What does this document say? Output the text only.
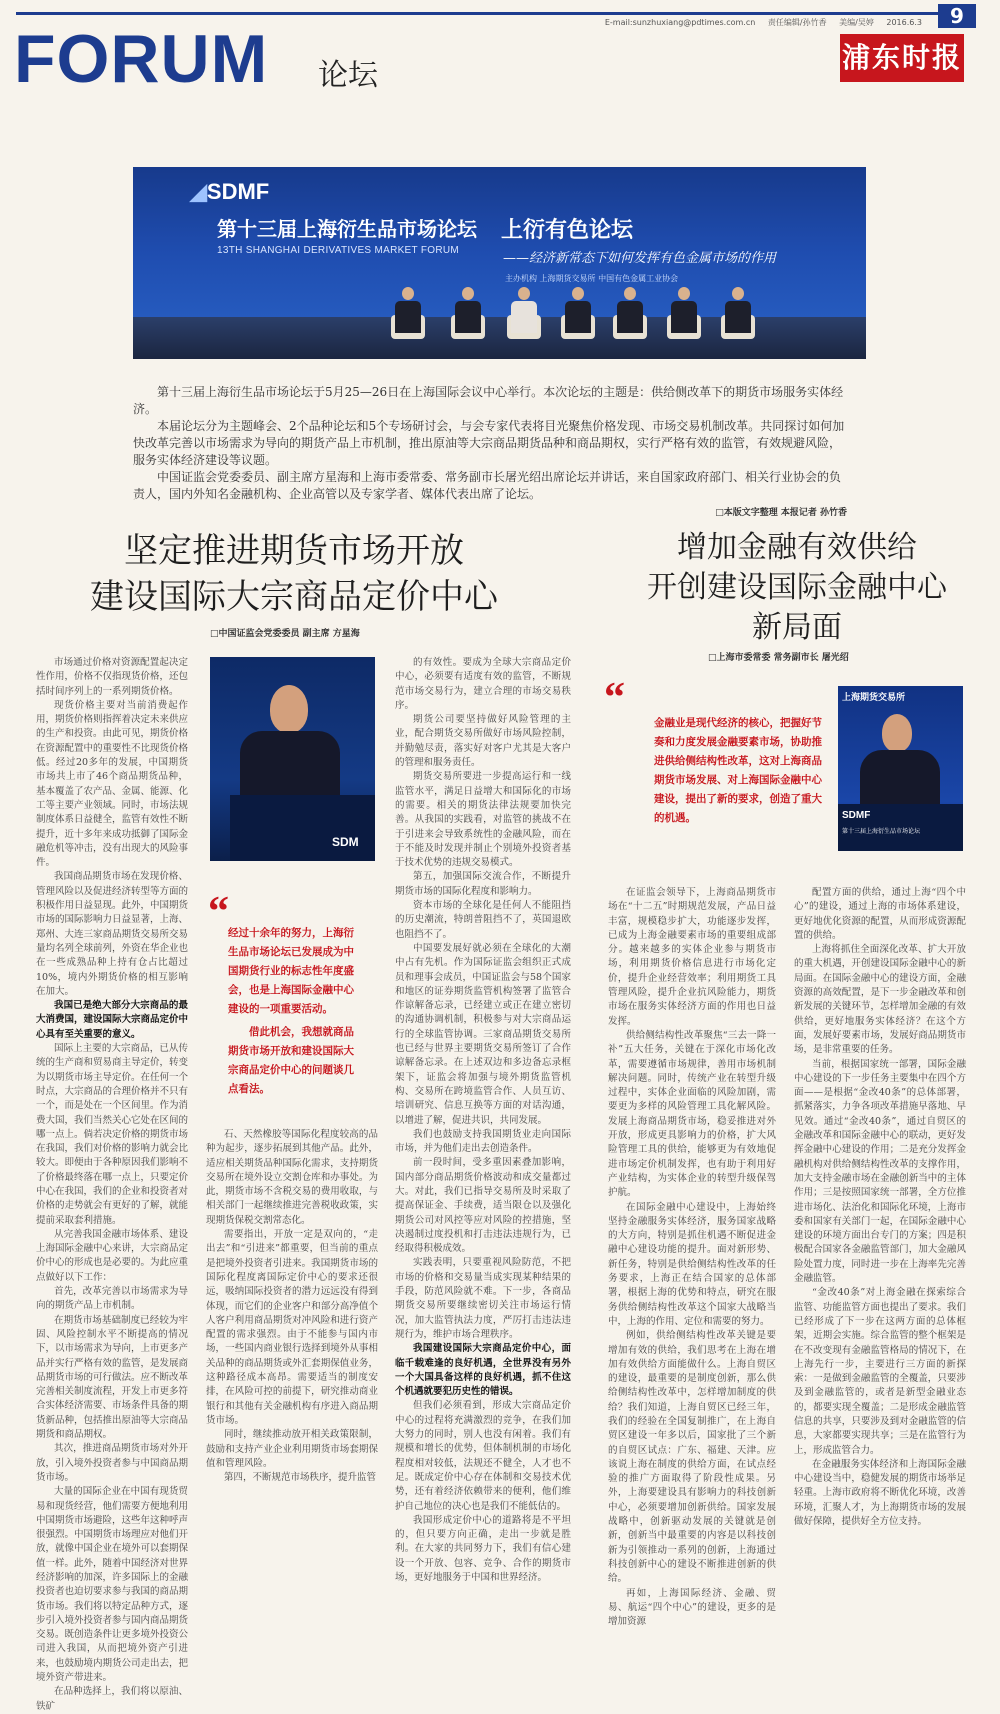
E-mail:sunzhuxiang@pdtimes.com.cn 责任编辑/孙竹香 美编/吴婷 2016.6.3	9
FORUM 论坛
浦东时报
◢SDMF
第十三届上海衍生品市场论坛
13TH SHANGHAI DERIVATIVES MARKET FORUM
上衍有色论坛
——经济新常态下如何发挥有色金属市场的作用
主办机构 上海期货交易所 中国有色金属工业协会

第十三届上海衍生品市场论坛于5月25—26日在上海国际会议中心举行。本次论坛的主题是：供给侧改革下的期货市场服务实体经济。

本届论坛分为主题峰会、2个品种论坛和5个专场研讨会，与会专家代表将目光聚焦价格发现、市场交易机制改革。共同探讨如何加快改革完善以市场需求为导向的期货产品上市机制，推出原油等大宗商品期货品种和商品期权，实行严格有效的监管，有效规避风险，服务实体经济建设等议题。

中国证监会党委委员、副主席方星海和上海市委常委、常务副市长屠光绍出席论坛并讲话，来自国家政府部门、相关行业协会的负责人，国内外知名金融机构、企业高管以及专家学者、媒体代表出席了论坛。

□本版文字整理 本报记者 孙竹香
坚定推进期货市场开放
建设国际大宗商品定价中心
□中国证监会党委委员 副主席 方星海

市场通过价格对资源配置起决定性作用，价格不仅指现货价格，还包括时间序列上的一系列期货价格。

现货价格主要对当前消费起作用，期货价格则指挥着决定未来供应的生产和投资。由此可见，期货价格在资源配置中的重要性不比现货价格低。经过20多年的发展，中国期货市场共上市了46个商品期货品种，基本覆盖了农产品、金属、能源、化工等主要产业领域。同时，市场法规制度体系日益健全，监管有效性不断提升，近十多年来成功抵御了国际金融危机等冲击，没有出现大的风险事件。

我国商品期货市场在发现价格、管理风险以及促进经济转型等方面的积极作用日益显现。此外，中国期货市场的国际影响力日益显著，上海、郑州、大连三家商品期货交易所交易量均名列全球前列，外资在华企业也在一些成熟品种上持有仓占比超过10%，境内外期货价格的相互影响在加大。

我国已是绝大部分大宗商品的最大消费国，建设国际大宗商品定价中心具有至关重要的意义。

国际上主要的大宗商品，已从传统的生产商和贸易商主导定价，转变为以期货市场主导定价。在任何一个时点，大宗商品的合理价格并不只有一个，而是处在一个区间里。作为消费大国，我们当然关心它处在区间的哪一点上。倘若决定价格的期货市场在我国，我们对价格的影响力就会比较大。即便由于各种原因我们影响不了价格最终落在哪一点上，只要定价中心在我国，我们的企业和投资者对价格的走势就会有更好的了解，就能提前采取套利措施。

从完善我国金融市场体系、建设上海国际金融中心来讲，大宗商品定价中心的形成也是必要的。为此应重点做好以下工作：

首先，改革完善以市场需求为导向的期货产品上市机制。

在期货市场基础制度已经较为牢固、风险控制水平不断提高的情况下，以市场需求为导向，上市更多产品并实行严格有效的监管，是发展商品期货市场的可行做法。应不断改革完善相关制度流程，开发上市更多符合实体经济需要、市场条件具备的期货新品种，包括推出原油等大宗商品期货和商品期权。

其次，推进商品期货市场对外开放，引入境外投资者参与中国商品期货市场。

大量的国际企业在中国有现货贸易和现货经营，他们需要方便地利用中国期货市场避险，这些年这种呼声很强烈。中国期货市场理应对他们开放，就像中国企业在境外可以套期保值一样。此外，随着中国经济对世界经济影响的加深，许多国际上的金融投资者也迫切要求参与我国的商品期货市场。我们将以特定品种方式，逐步引入境外投资者参与国内商品期货交易。既创造条件让更多境外投资公司进入我国，从而把境外资产引进来，也鼓励境内期货公司走出去，把境外资产带进来。

在品种选择上，我们将以原油、铁矿

SDM
“ 经过十余年的努力，上海衍生品市场论坛已发展成为中国期货行业的标志性年度盛会，也是上海国际金融中心建设的一项重要活动。
借此机会，我想就商品期货市场开放和建设国际大宗商品定价中心的问题谈几点看法。

石、天然橡胶等国际化程度较高的品种为起步，逐步拓展到其他产品。此外，适应相关期货品种国际化需求，支持期货交易所在境外设立交割仓库和办事处。为此，期货市场不含税交易的费用收取，与相关部门一起继续推进完善税收政策，实现期货保税交割常态化。

需要指出，开放一定是双向的，“走出去”和“引进来”都重要，但当前的重点是把境外投资者引进来。我国期货市场的国际化程度离国际定价中心的要求还很远，吸纳国际投资者的潜力远远没有得到体现，而它们的企业客户和部分高净值个人客户利用商品期货对冲风险和进行资产配置的需求强烈。由于不能参与国内市场，一些国内商业银行选择到境外从事相关品种的商品期货或外汇套期保值业务，这种路径成本高昂。需要适当的制度安排，在风险可控的前提下，研究推动商业银行和其他有关金融机构有序进入商品期货市场。

同时，继续推动放开相关政策限制，鼓励和支持产业企业利用期货市场套期保值和管理风险。

第四，不断规范市场秩序，提升监管

的有效性。要成为全球大宗商品定价中心，必须要有适度有效的监管，不断规范市场交易行为，建立合理的市场交易秩序。

期货公司要坚持做好风险管理的主业，配合期货交易所做好市场风险控制，并勤勉尽责，落实好对客户尤其是大客户的管理和服务责任。

期货交易所要进一步提高运行和一线监管水平，满足日益增大和国际化的市场的需要。相关的期货法律法规要加快完善。从我国的实践看，对监管的挑战不在于引进来会导致系统性的金融风险，而在于不能及时发现并制止个别境外投资者基于技术优势的违规交易模式。

第五，加强国际交流合作，不断提升期货市场的国际化程度和影响力。

资本市场的全球化是任何人不能阻挡的历史潮流，特朗普阻挡不了，英国退欧也阻挡不了。

中国要发展好就必须在全球化的大潮中占有先机。作为国际证监会组织正式成员和理事会成员，中国证监会与58个国家和地区的证券期货监管机构签署了监管合作谅解备忘录，已经建立或正在建立密切的沟通协调机制，积极参与对大宗商品运行的全球监管协调。三家商品期货交易所也已经与世界主要期货交易所签订了合作谅解备忘录。在上述双边和多边备忘录框架下，证监会将加强与境外期货监管机构、交易所在跨境监管合作、人员互访、培训研究、信息互换等方面的对话沟通，以增进了解，促进共识，共同发展。

我们也鼓励支持我国期货业走向国际市场，并为他们走出去创造条件。

前一段时间，受多重因素叠加影响，国内部分商品期货价格波动和成交量都过大。对此，我们已指导交易所及时采取了提高保证金、手续费，适当限仓以及强化期货公司对风控等应对风险的控措施，坚决遏制过度投机和打击违法违规行为，已经取得积极成效。

实践表明，只要重视风险防范，不把市场的价格和交易量当成实现某种结果的手段，防范风险就不难。下一步，各商品期货交易所要继续密切关注市场运行情况，加大监管执法力度，严厉打击违法违规行为，维护市场合理秩序。

我国建设国际大宗商品定价中心，面临千载难逢的良好机遇，全世界没有另外一个大国具备这样的良好机遇，抓不住这个机遇就要犯历史性的错误。

但我们必须看到，形成大宗商品定价中心的过程将充满激烈的竞争，在我们加大努力的同时，别人也没有闲着。我们有规模和增长的优势，但体制机制的市场化程度相对较低，法规还不健全，人才也不足。既成定价中心存在体制和交易技术优势，还有着经济依赖带来的便利，他们维护自己地位的决心也是我们不能低估的。

我国形成定价中心的道路将是不平坦的，但只要方向正确，走出一步就是胜利。在大家的共同努力下，我们有信心建设一个开放、包容、竞争、合作的期货市场，更好地服务于中国和世界经济。

增加金融有效供给
开创建设国际金融中心
新局面
□上海市委常委 常务副市长 屠光绍
“
金融业是现代经济的核心，把握好节奏和力度发展金融要素市场，协助推进供给侧结构性改革，这对上海商品期货市场发展、对上海国际金融中心建设，提出了新的要求，创造了重大的机遇。
上海期货交易所
SDMF
第十三届上海衍生品市场论坛

在证监会领导下，上海商品期货市场在“十二五”时期规范发展，产品日益丰富，规模稳步扩大，功能逐步发挥，已成为上海金融要素市场的重要组成部分。越来越多的实体企业参与期货市场，利用期货价格信息进行市场化定价，提升企业经营效率；利用期货工具管理风险，提升企业抗风险能力，期货市场在服务实体经济方面的作用也日益发挥。

供给侧结构性改革聚焦“三去一降一补”五大任务，关键在于深化市场化改革，需要遵循市场规律，善用市场机制解决问题。同时，传统产业在转型升级过程中，实体企业面临的风险加剧，需要更为多样的风险管理工具化解风险。发展上海商品期货市场，稳妥推进对外开放，形成更具影响力的价格，扩大风险管理工具的供给，能够更为有效地促进市场定价机制发挥，也有助于利用好产业结构，为实体企业的转型升级保驾护航。

在国际金融中心建设中，上海始终坚持金融服务实体经济，服务国家战略的大方向，特别是抓住机遇不断促进金融中心建设功能的提升。面对新形势、新任务，特别是供给侧结构性改革的任务要求，上海正在结合国家的总体部署，根据上海的优势和特点，研究在服务供给侧结构性改革这个国家大战略当中，上海的作用、定位和需要的努力。

例如，供给侧结构性改革关键是要增加有效的供给，我们思考在上海在增加有效供给方面能做什么。上海自贸区的建设，最重要的是制度创新，那么供给侧结构性改革中，怎样增加制度的供给？我们知道，上海自贸区已经三年，我们的经验在全国复制推广，在上海自贸区建设一年多以后，国家批了三个新的自贸区试点：广东、福建、天津。应该说上海在制度的供给方面，在试点经验的推广方面取得了阶段性成果。另外，上海要建设具有影响力的科技创新中心，必须要增加创新供给。国家发展战略中，创新驱动发展的关键就是创新，创新当中最重要的内容是以科技创新为引领推动一系列的创新，上海通过科技创新中心的建设不断推进创新的供给。

再如，上海国际经济、金融、贸易、航运“四个中心”的建设，更多的是增加资源

配置方面的供给，通过上海“四个中心”的建设，通过上海的市场体系建设，更好地优化资源的配置，从而形成资源配置的供给。

上海将抓住全面深化改革、扩大开放的重大机遇，开创建设国际金融中心的新局面。在国际金融中心的建设方面，金融资源的高效配置，是下一步金融改革和创新发展的关键环节，怎样增加金融的有效供给，更好地服务实体经济？在这个方面，发展好要素市场，发展好商品期货市场，是非常重要的任务。

当前，根据国家统一部署，国际金融中心建设的下一步任务主要集中在四个方面——是根据“金改40条”的总体部署，抓紧落实，力争各项改革措施早落地、早见效。通过“金改40条”，通过自贸区的金融改革和国际金融中心的联动，更好发挥金融中心建设的作用；二是充分发挥金融机构对供给侧结构性改革的支撑作用，加大支持金融市场在金融创新当中的主体作用；三是按照国家统一部署，全方位推进市场化、法治化和国际化环境，上海市委和国家有关部门一起，在国际金融中心建设的环境方面出台专门的方案；四是积极配合国家各金融监管部门，加大金融风险处置力度，同时进一步在上海率先完善金融监管。

“金改40条”对上海金融在探索综合监管、功能监管方面也提出了要求。我们已经形成了下一步在这两方面的总体框架，近期会实施。综合监管的整个框架是在不改变现有金融监管格局的情况下，在上海先行一步，主要进行三方面的新探索：一是做到金融监管的全覆盖，只要涉及到金融监管的，或者是新型金融业态的，都要实现全覆盖；二是形成金融监管信息的共享，只要涉及到对金融监管的信息，大家都要实现共享；三是在监管行为上，形成监管合力。

在金融服务实体经济和上海国际金融中心建设当中，稳健发展的期货市场举足轻重。上海市政府将不断优化环境，改善环境，汇聚人才，为上海期货市场的发展做好保障，提供好全方位支持。
